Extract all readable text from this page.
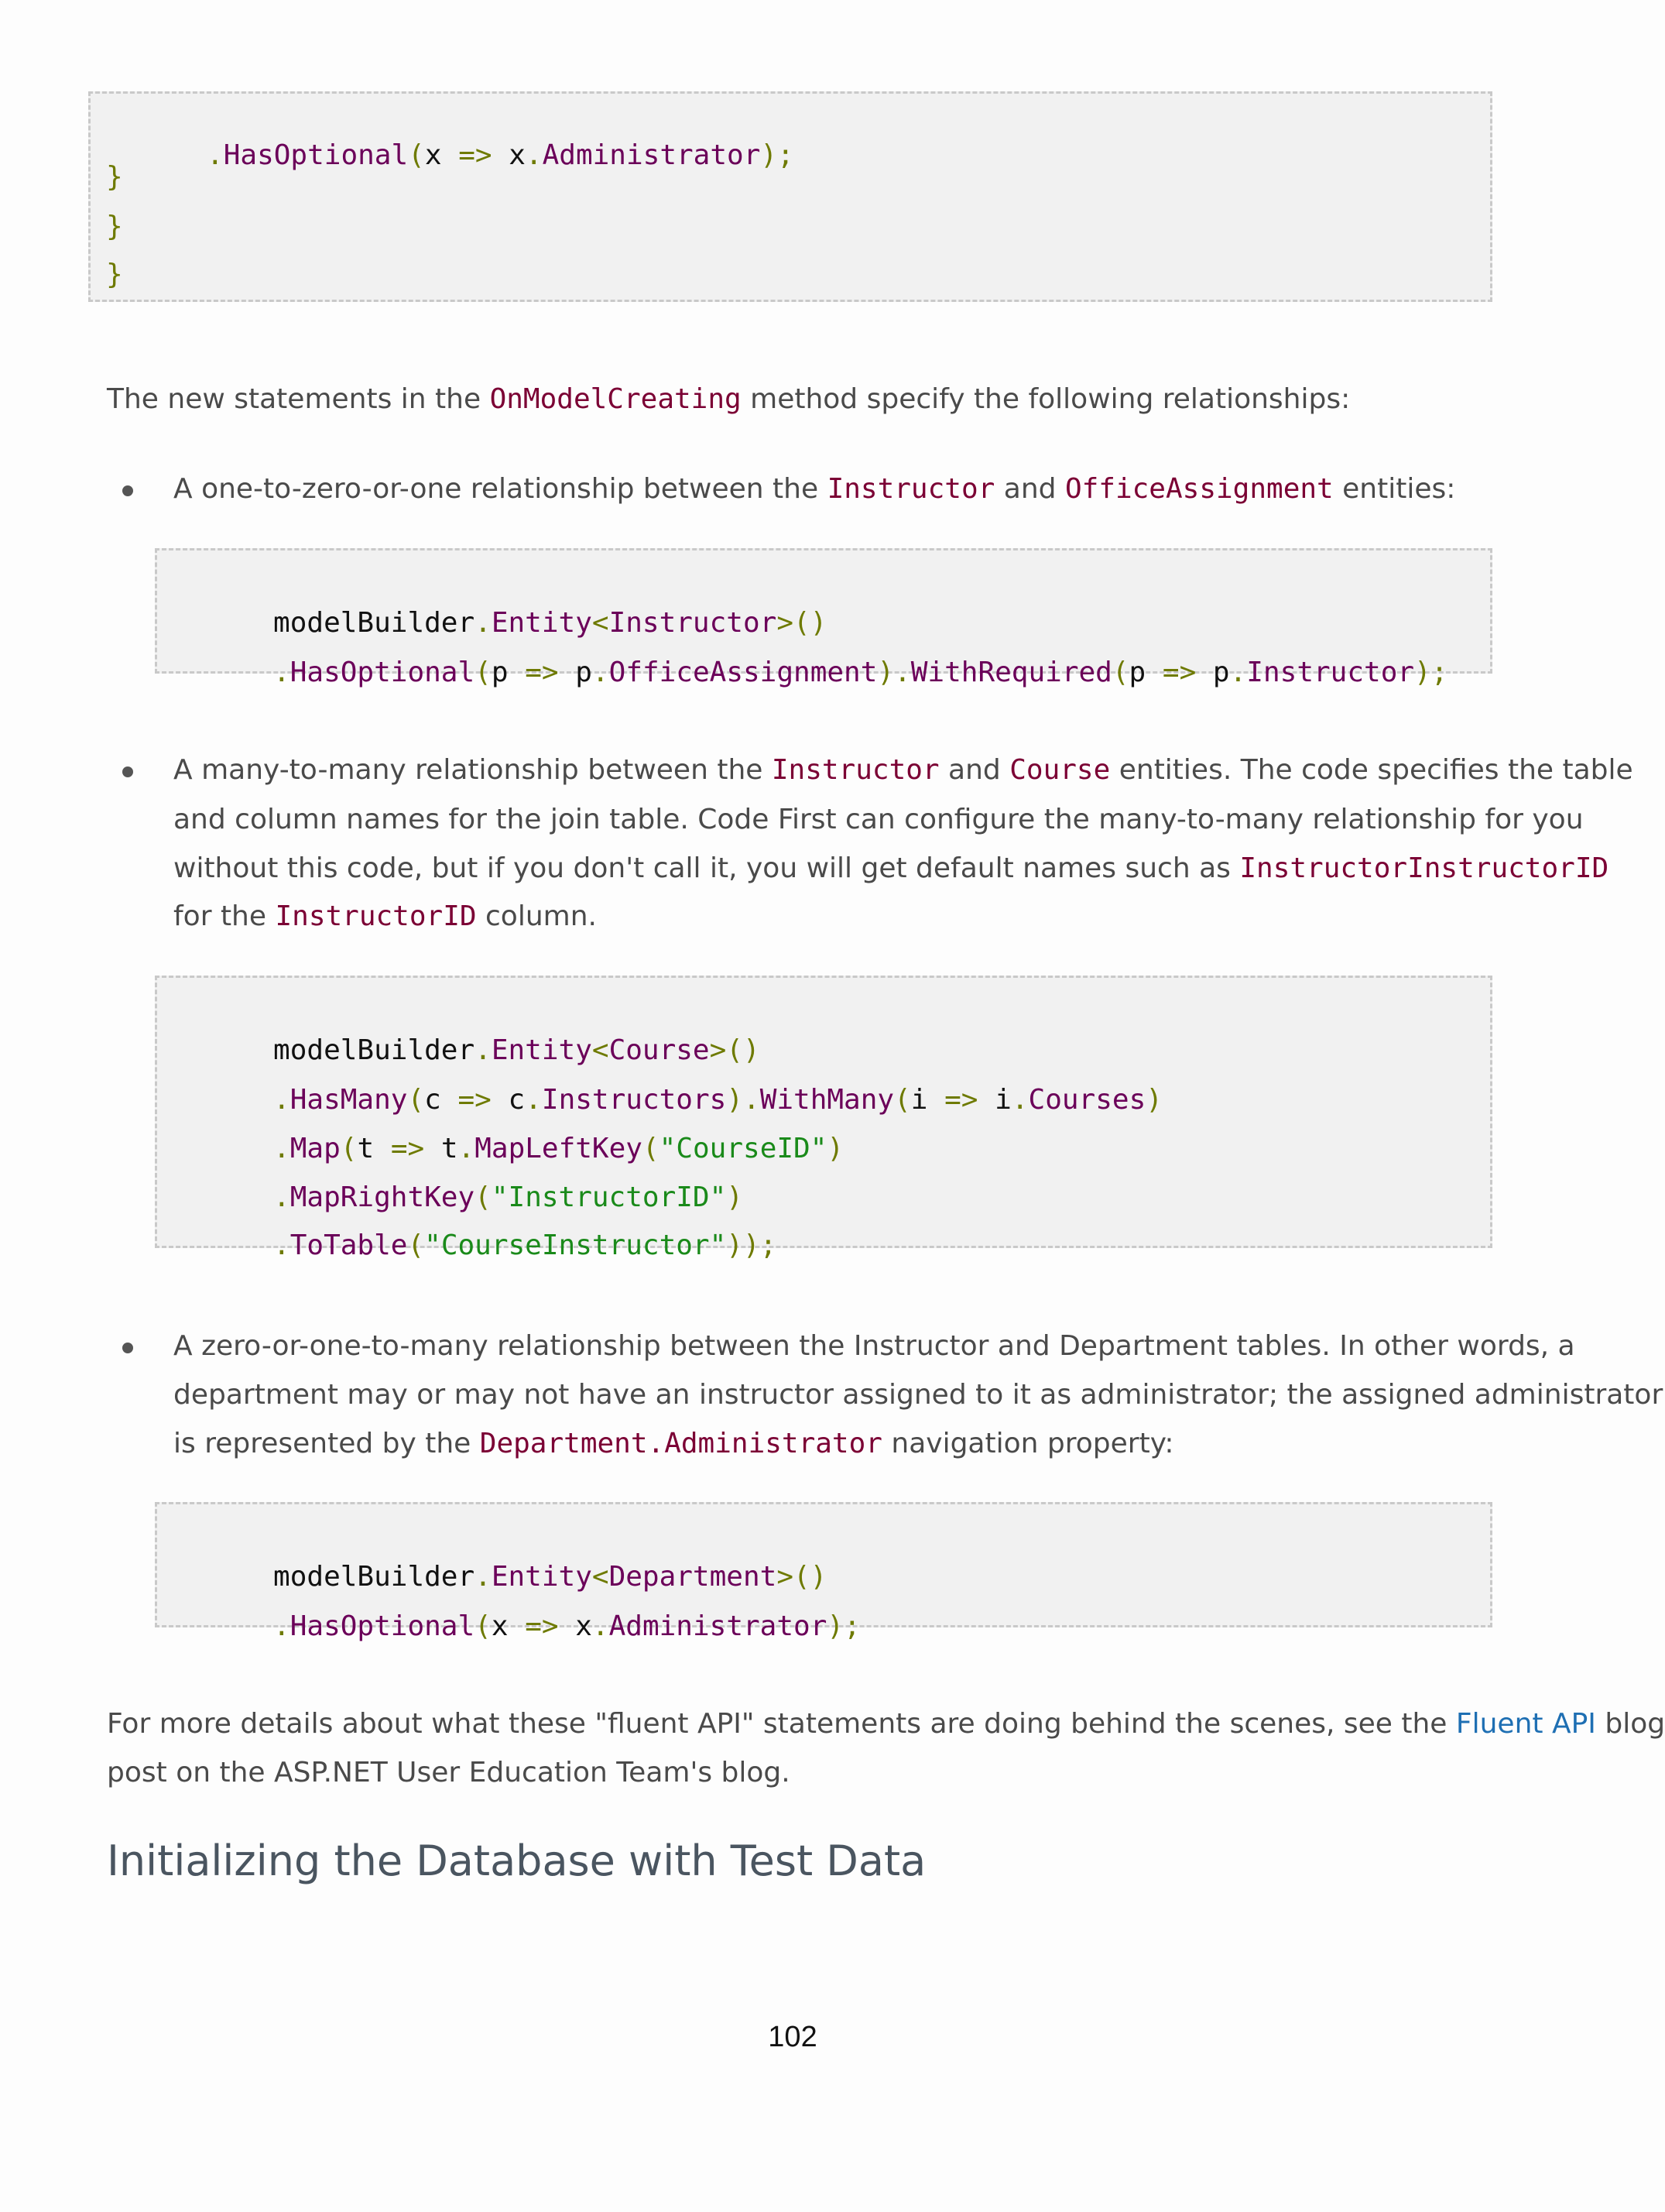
.HasOptional(x => x.Administrator);

}
}
}
The new statements in the OnModelCreating method specify the following relationships:
A one-to-zero-or-one relationship between the Instructor and OfficeAssignment entities:

modelBuilder.Entity<Instructor>()

.HasOptional(p => p.OfficeAssignment).WithRequired(p => p.Instructor);

A many-to-many relationship between the Instructor and Course entities. The code specifies the table
and column names for the join table. Code First can configure the many-to-many relationship for you
without this code, but if you don't call it, you will get default names such as InstructorInstructorID
for the InstructorID column.

modelBuilder.Entity<Course>()

.HasMany(c => c.Instructors).WithMany(i => i.Courses)

.Map(t => t.MapLeftKey("CourseID")

.MapRightKey("InstructorID")

.ToTable("CourseInstructor"));

A zero-or-one-to-many relationship between the Instructor and Department tables. In other words, a
department may or may not have an instructor assigned to it as administrator; the assigned administrator
is represented by the Department.Administrator navigation property:

modelBuilder.Entity<Department>()

.HasOptional(x => x.Administrator);

For more details about what these "fluent API" statements are doing behind the scenes, see the Fluent API blog
post on the ASP.NET User Education Team's blog.
Initializing the Database with Test Data
102
